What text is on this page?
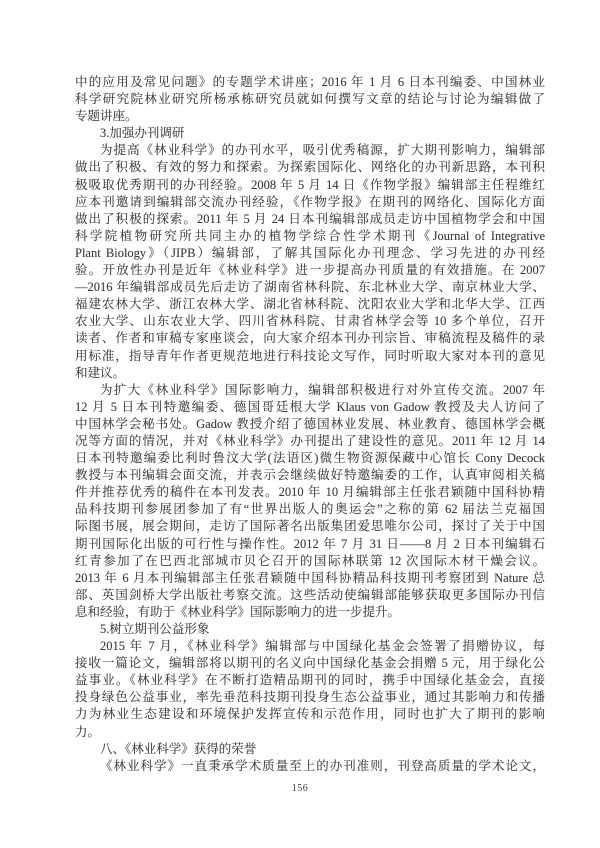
中的应用及常见问题》的专题学术讲座；2016 年 1 月 6 日本刊编委、中国林业
科学研究院林业研究所杨承栋研究员就如何撰写文章的结论与讨论为编辑做了
专题讲座。
3.加强办刊调研
为提高《林业科学》的办刊水平，吸引优秀稿源，扩大期刊影响力，编辑部
做出了积极、有效的努力和探索。为探索国际化、网络化的办刊新思路，本刊积
极吸取优秀期刊的办刊经验。2008 年 5 月 14 日《作物学报》编辑部主任程维红
应本刊邀请到编辑部交流办刊经验，《作物学报》在期刊的网络化、国际化方面
做出了积极的探索。2011 年 5 月 24 日本刊编辑部成员走访中国植物学会和中国
科学院植物研究所共同主办的植物学综合性学术期刊《Journal of Integrative
Plant Biology》（JIPB）编辑部，了解其国际化办刊理念、学习先进的办刊经
验。开放性办刊是近年《林业科学》进一步提高办刊质量的有效措施。在 2007
—2016 年编辑部成员先后走访了湖南省林科院、东北林业大学、南京林业大学、
福建农林大学、浙江农林大学、湖北省林科院、沈阳农业大学和北华大学、江西
农业大学、山东农业大学、四川省林科院、甘肃省林学会等 10 多个单位，召开
读者、作者和审稿专家座谈会，向大家介绍本刊办刊宗旨、审稿流程及稿件的录
用标准，指导青年作者更规范地进行科技论文写作，同时听取大家对本刊的意见
和建议。
为扩大《林业科学》国际影响力，编辑部积极进行对外宣传交流。2007 年
12 月 5 日本刊特邀编委、德国哥廷根大学 Klaus von Gadow 教授及夫人访问了
中国林学会秘书处。Gadow 教授介绍了德国林业发展、林业教育、德国林学会概
况等方面的情况，并对《林业科学》办刊提出了建设性的意见。2011 年 12 月 14
日本刊特邀编委比利时鲁汶大学(法语区)微生物资源保藏中心馆长 Cony Decock
教授与本刊编辑会面交流，并表示会继续做好特邀编委的工作，认真审阅相关稿
件并推荐优秀的稿件在本刊发表。2010 年 10 月编辑部主任张君颖随中国科协精
品科技期刊参展团参加了有“世界出版人的奥运会”之称的第 62 届法兰克福国
际图书展，展会期间，走访了国际著名出版集团爱思唯尔公司，探讨了关于中国
期刊国际化出版的可行性与操作性。2012 年 7 月 31 日——8 月 2 日本刊编辑石
红青参加了在巴西北部城市贝仑召开的国际林联第 12 次国际木材干燥会议。
2013 年 6 月本刊编辑部主任张君颖随中国科协精品科技期刊考察团到 Nature 总
部、英国剑桥大学出版社考察交流。这些活动使编辑部能够获取更多国际办刊信
息和经验，有助于《林业科学》国际影响力的进一步提升。
5.树立期刊公益形象
2015 年 7 月，《林业科学》编辑部与中国绿化基金会签署了捐赠协议，每
接收一篇论文，编辑部将以期刊的名义向中国绿化基金会捐赠 5 元，用于绿化公
益事业。《林业科学》在不断打造精品期刊的同时，携手中国绿化基金会，直接
投身绿色公益事业，率先垂范科技期刊投身生态公益事业，通过其影响力和传播
力为林业生态建设和环境保护发挥宣传和示范作用，同时也扩大了期刊的影响
力。
八、《林业科学》获得的荣誉
《林业科学》一直秉承学术质量至上的办刊准则，刊登高质量的学术论文，
156
